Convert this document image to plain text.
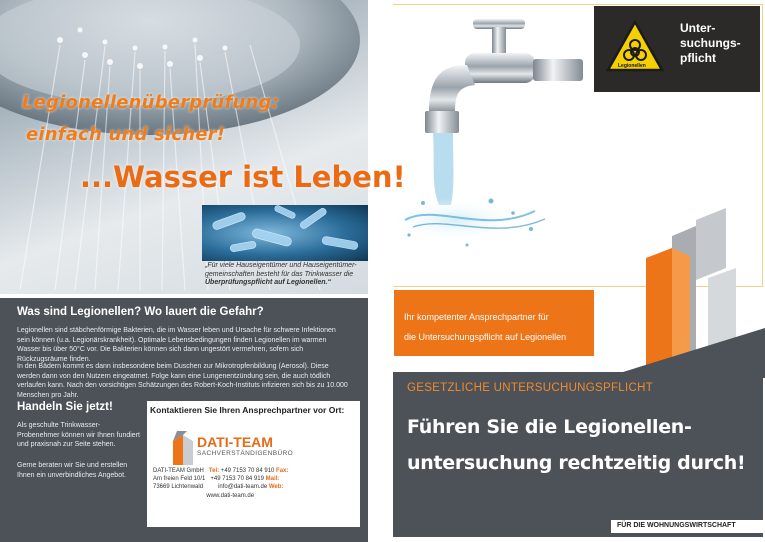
Legionellenüberprüfung:
einfach und sicher!
...Wasser ist Leben!
„Für viele Hauseigentümer und Hauseigentümer-gemeinschaften besteht für das Trinkwasser die
Überprüfungspflicht auf Legionellen.“
Was sind Legionellen? Wo lauert die Gefahr?
Legionellen sind stäbchenförmige Bakterien, die im Wasser leben und Ursache für schwere Infektionen sein können (u.a. Legionärskrankheit). Optimale Lebensbedingungen finden Legionellen im warmen Wasser bis über 50°C vor. Die Bakterien können sich dann ungestört vermehren, sofern sich Rückzugsräume finden.
In den Bädern kommt es dann insbesondere beim Duschen zur Mikrotropfenbildung (Aerosol). Diese werden dann von den Nutzern eingeatmet. Folge kann eine Lungenentzündung sein, die auch tödlich verlaufen kann. Nach den vorsichtigen Schätzungen des Robert-Koch-Instituts infizieren sich bis zu 10.000 Menschen pro Jahr.
Handeln Sie jetzt!
Als geschulte Trinkwasser-Probenehmer können wir Ihnen fundiert und praxisnah zur Seite stehen.
Gerne beraten wir Sie und erstellen Ihnen ein unverbindliches Angebot.
Kontaktieren Sie Ihren Ansprechpartner vor Ort:
DATI-TEAM
SACHVERSTÄNDIGENBÜRO
DATI-TEAM GmbH Tel: +49 7153 70 84 910 Fax:
Am freien Feld 10/1 +49 7153 70 84 919 Mail:
73669 Lichtenwald	info@dati-team.de Web:
www.dati-team.de
Legionellen
Unter-
suchungs-
pflicht
Ihr kompetenter Ansprechpartner für
die Untersuchungspflicht auf Legionellen
GESETZLICHE UNTERSUCHUNGSPFLICHT
Führen Sie die Legionellen-
untersuchung rechtzeitig durch!
FÜR DIE WOHNUNGSWIRTSCHAFT
